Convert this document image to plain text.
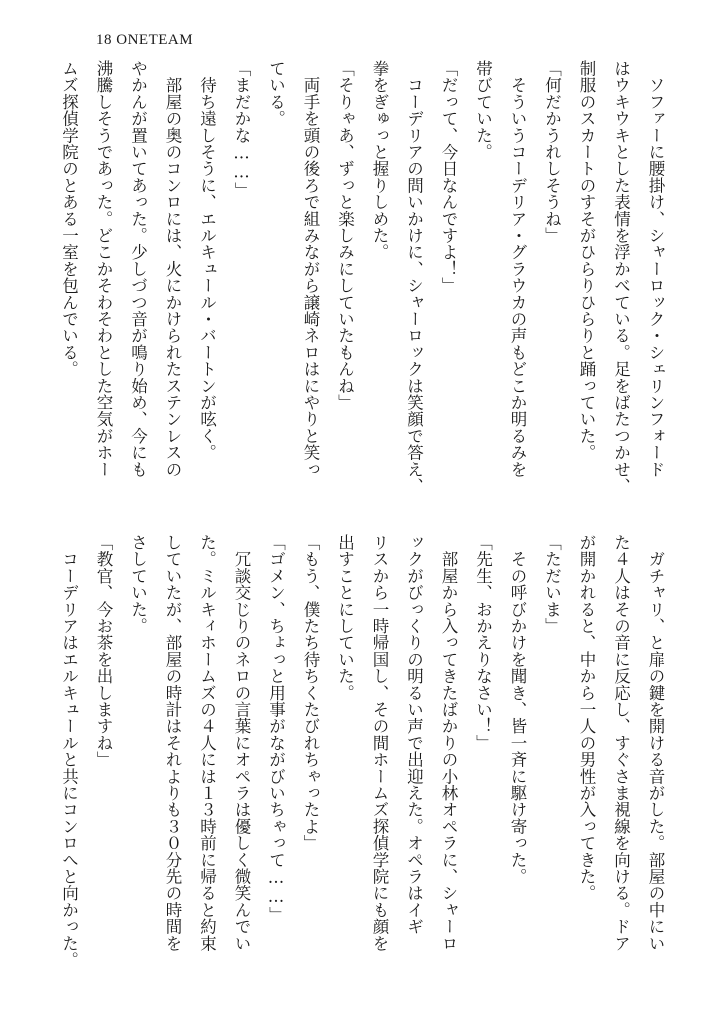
18 ONETEAM
　ソファーに腰掛け、シャーロック・シェリンフォード
はウキウキとした表情を浮かべている。足をばたつかせ、
制服のスカートのすそがひらりひらりと踊っていた。
「何だかうれしそうね」
　そういうコーデリア・グラウカの声もどこか明るみを
帯びていた。
「だって、今日なんですよ！」
　コーデリアの問いかけに、シャーロックは笑顔で答え、
拳をぎゅっと握りしめた。
「そりゃあ、ずっと楽しみにしていたもんね」
　両手を頭の後ろで組みながら譲崎ネロはにやりと笑っ
ている。
「まだかな……」
　待ち遠しそうに、エルキュール・バートンが呟く。
　部屋の奥のコンロには、火にかけられたステンレスの
やかんが置いてあった。少しづつ音が鳴り始め、今にも
沸騰しそうであった。どこかそわそわとした空気がホー
ムズ探偵学院のとある一室を包んでいる。
　ガチャリ、と扉の鍵を開ける音がした。部屋の中にい
た４人はその音に反応し、すぐさま視線を向ける。ドア
が開かれると、中から一人の男性が入ってきた。
「ただいま」
　その呼びかけを聞き、皆一斉に駆け寄った。
「先生、おかえりなさい！」
　部屋から入ってきたばかりの小林オペラに、シャーロ
ックがびっくりの明るい声で出迎えた。オペラはイギ
リスから一時帰国し、その間ホームズ探偵学院にも顔を
出すことにしていた。
「もう、僕たち待ちくたびれちゃったよ」
「ゴメン、ちょっと用事がながびいちゃって……」
　冗談交じりのネロの言葉にオペラは優しく微笑んでい
た。ミルキィホームズの４人には１３時前に帰ると約束
していたが、部屋の時計はそれよりも３０分先の時間を
さしていた。
「教官、今お茶を出しますね」
　コーデリアはエルキュールと共にコンロへと向かった。
